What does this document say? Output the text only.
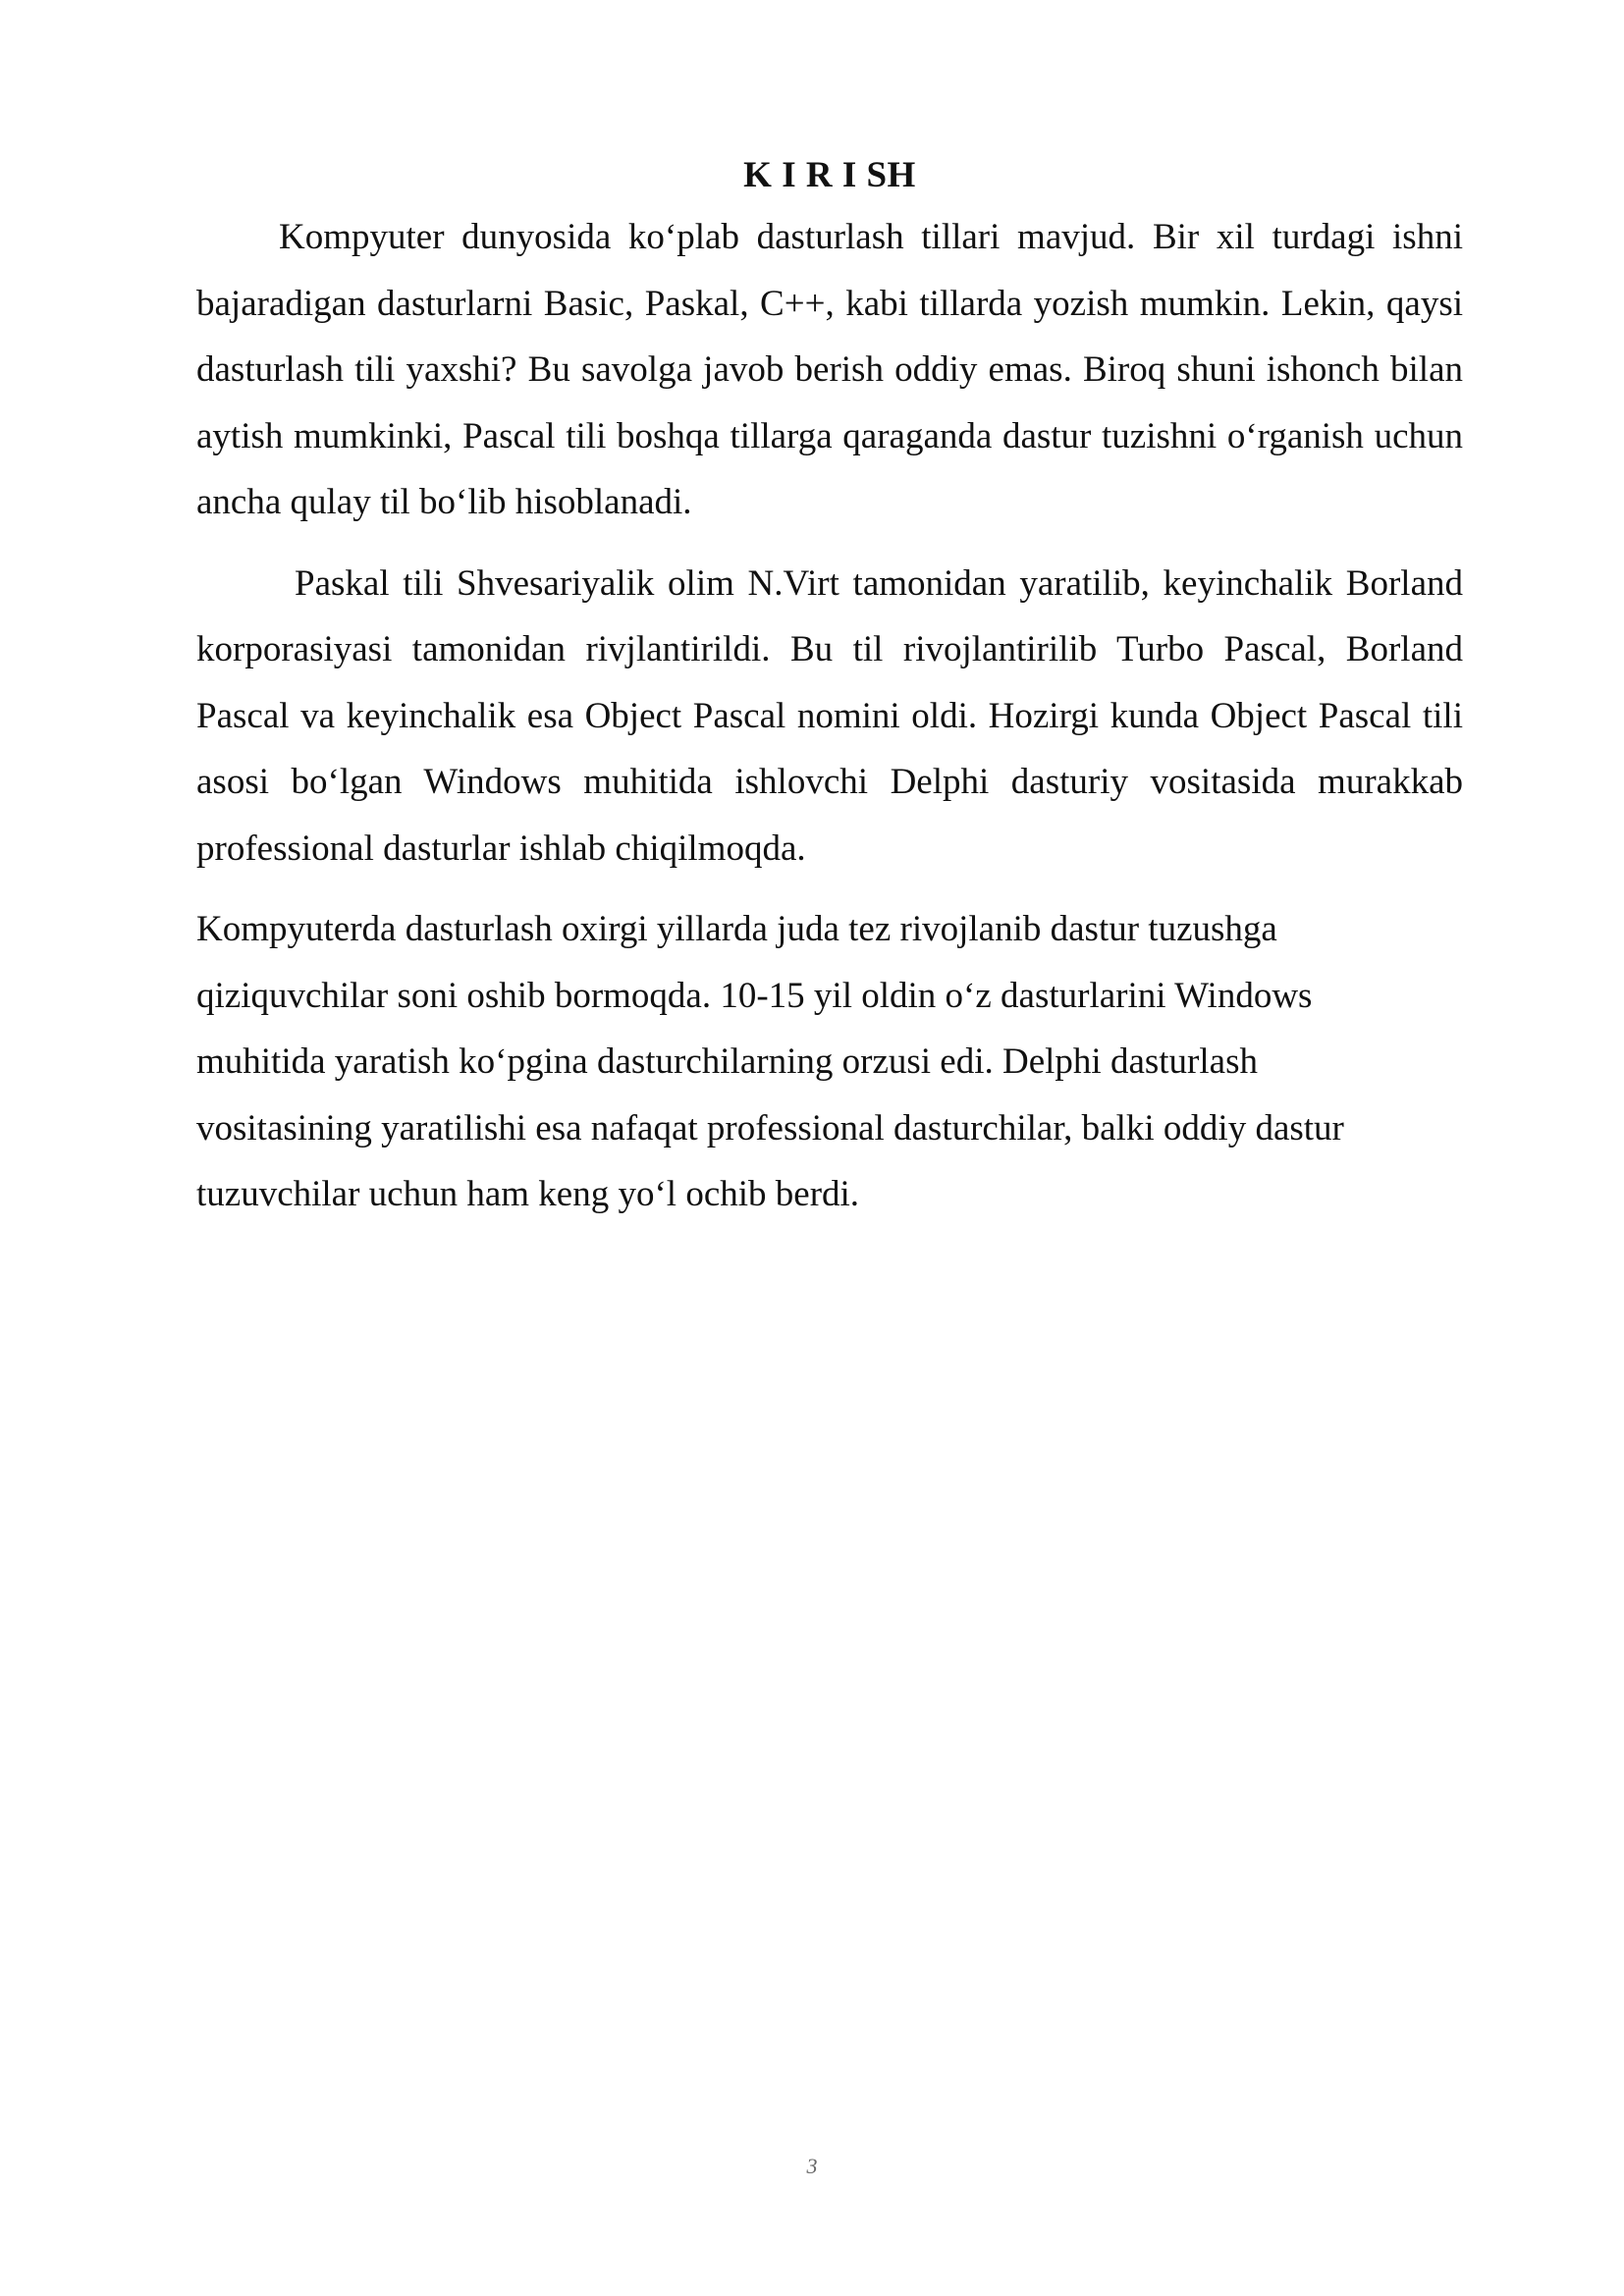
K I R I SH

Kompyuter dunyosida ko‘plab dasturlash tillari mavjud. Bir xil turdagi ishni bajaradigan dasturlarni Basic, Paskal, C++, kabi tillarda yozish mumkin. Lekin, qaysi dasturlash tili yaxshi? Bu savolga javob berish oddiy emas. Biroq shuni ishonch bilan aytish mumkinki, Pascal tili boshqa tillarga qaraganda dastur tuzishni o‘rganish uchun ancha qulay til bo‘lib hisoblanadi.

Paskal tili Shvesariyalik olim N.Virt tamonidan yaratilib, keyinchalik Borland korporasiyasi tamonidan rivjlantirildi. Bu til rivojlantirilib Turbo Pascal, Borland Pascal va keyinchalik esa Object Pascal nomini oldi. Hozirgi kunda Object Pascal tili asosi bo‘lgan Windows muhitida ishlovchi Delphi dasturiy vositasida murakkab professional dasturlar ishlab chiqilmoqda.

Kompyuterda dasturlash oxirgi yillarda juda tez rivojlanib dastur tuzushga qiziquvchilar soni oshib bormoqda. 10-15 yil oldin o‘z dasturlarini Windows muhitida yaratish ko‘pgina dasturchilarning orzusi edi. Delphi dasturlash vositasining yaratilishi esa nafaqat professional dasturchilar, balki oddiy dastur tuzuvchilar uchun ham keng yo‘l ochib berdi.

3
